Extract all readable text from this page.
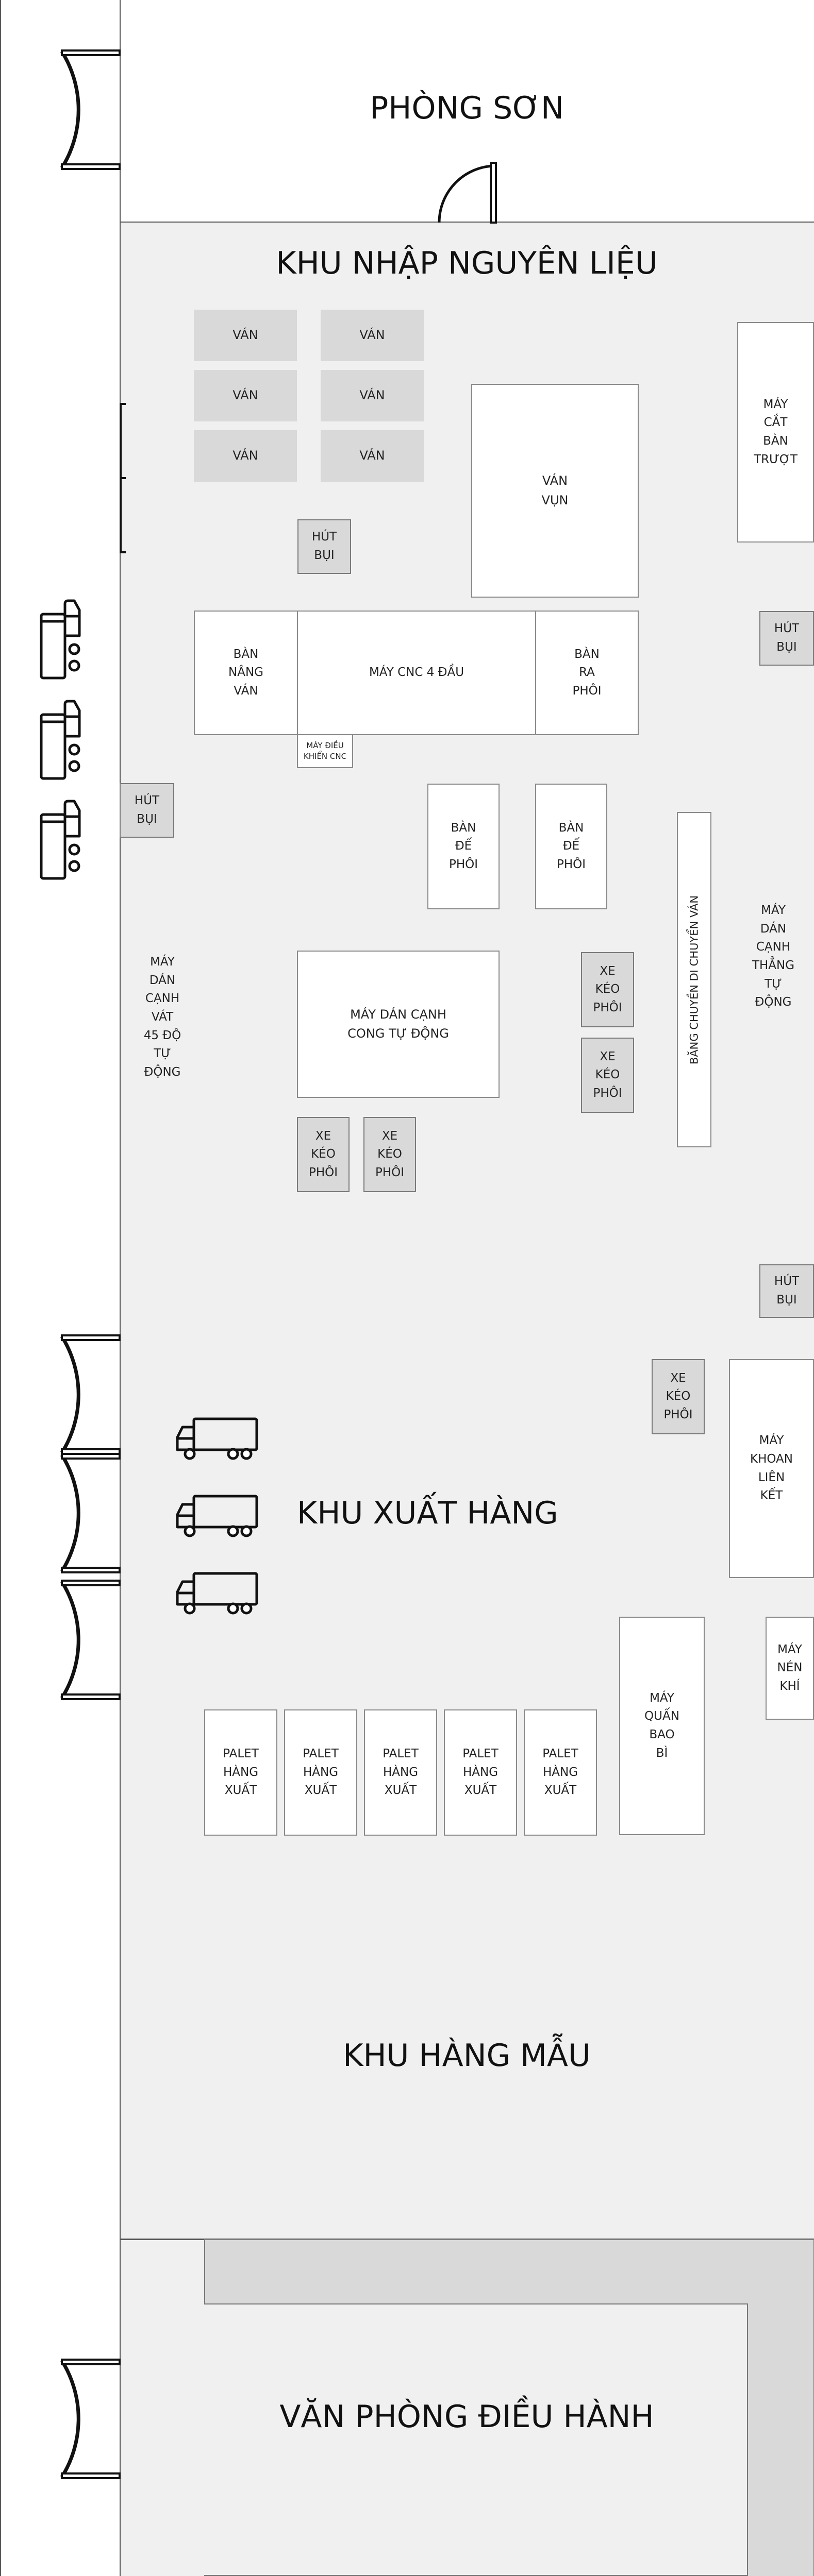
PHÒNG SƠN
KHU NHẬP NGUYÊN LIỆU
VÁN	VÁN
VÁN	VÁN
VÁN	VÁN
VÁN
VỤN
MÁY
CẮT
BÀN
TRƯỢT
HÚT
BỤI
HÚT
BỤI
HÚT
BỤI
HÚT
BỤI
BÀN
NÂNG
VÁN
MÁY CNC 4 ĐẦU
BÀN
RA
PHÔI
MÁY ĐIỀU
KHIỂN CNC
BÀN
ĐẾ
PHÔI
BÀN
ĐẾ
PHÔI
BĂNG CHUYỀN DI CHUYỂN VÁN	MÁY
DÁN
CẠNH
THẲNG
TỰ
ĐỘNG
MÁY
DÁN
CẠNH
VÁT
45 ĐỘ
TỰ
ĐỘNG
MÁY DÁN CẠNH
CONG TỰ ĐỘNG
XE
KÉO
PHÔI
XE
KÉO
PHÔI
XE
KÉO
PHÔI
XE
KÉO
PHÔI
XE
KÉO
PHÔI
KHU XUẤT HÀNG
MÁY
KHOAN
LIÊN
KẾT
MÁY
NÉN
KHÍ
MÁY
QUẤN
BAO
BÌ
PALET
HÀNG
XUẤT
PALET
HÀNG
XUẤT
PALET
HÀNG
XUẤT
PALET
HÀNG
XUẤT
PALET
HÀNG
XUẤT
KHU HÀNG MẪU
VĂN PHÒNG ĐIỀU HÀNH
